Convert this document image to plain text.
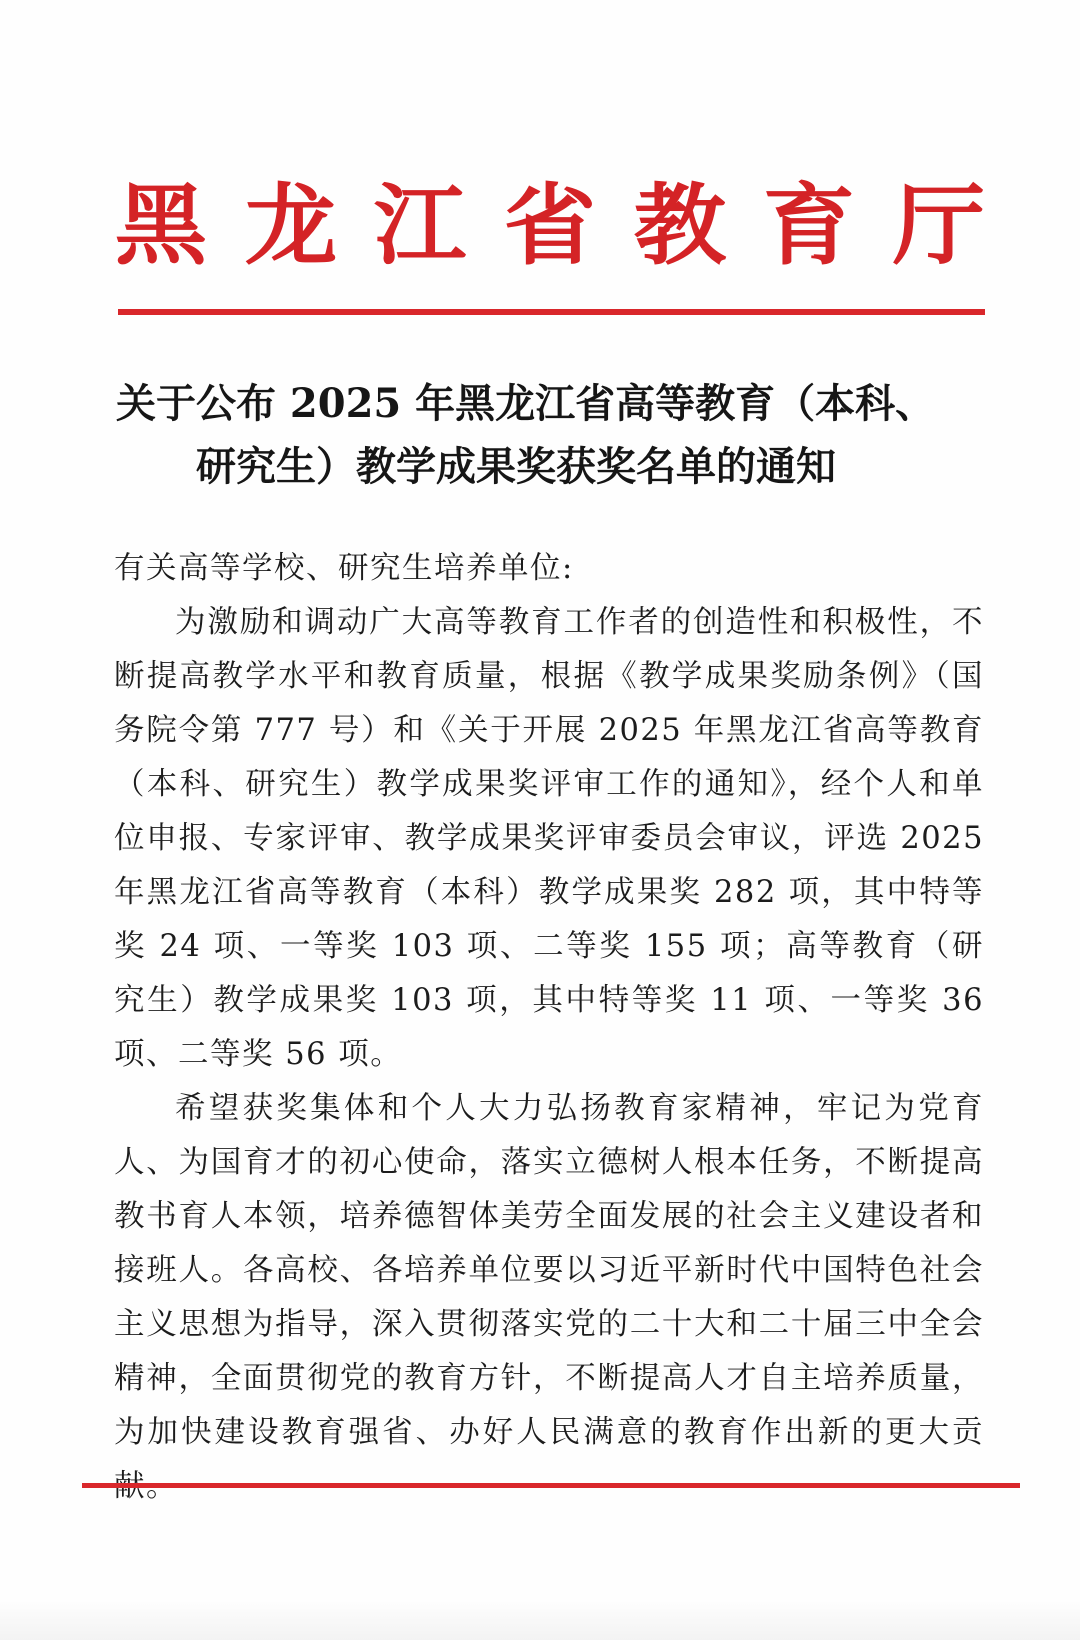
黑 龙 江 省 教 育 厅
关于公布 2025 年黑龙江省高等教育（本科、
研究生）教学成果奖获奖名单的通知

有关高等学校、研究生培养单位:

为激励和调动广大高等教育工作者的创造性和积极性，不断提高教学水平和教育质量，根据《教学成果奖励条例》（国务院令第 777 号）和《关于开展 2025 年黑龙江省高等教育（本科、研究生）教学成果奖评审工作的通知》，经个人和单位申报、专家评审、教学成果奖评审委员会审议，评选 2025 年黑龙江省高等教育（本科）教学成果奖 282 项，其中特等奖 24 项、一等奖 103 项、二等奖 155 项；高等教育（研究生）教学成果奖 103 项，其中特等奖 11 项、一等奖 36 项、二等奖 56 项。

希望获奖集体和个人大力弘扬教育家精神，牢记为党育人、为国育才的初心使命，落实立德树人根本任务，不断提高教书育人本领，培养德智体美劳全面发展的社会主义建设者和接班人。各高校、各培养单位要以习近平新时代中国特色社会主义思想为指导，深入贯彻落实党的二十大和二十届三中全会精神，全面贯彻党的教育方针，不断提高人才自主培养质量，为加快建设教育强省、办好人民满意的教育作出新的更大贡
